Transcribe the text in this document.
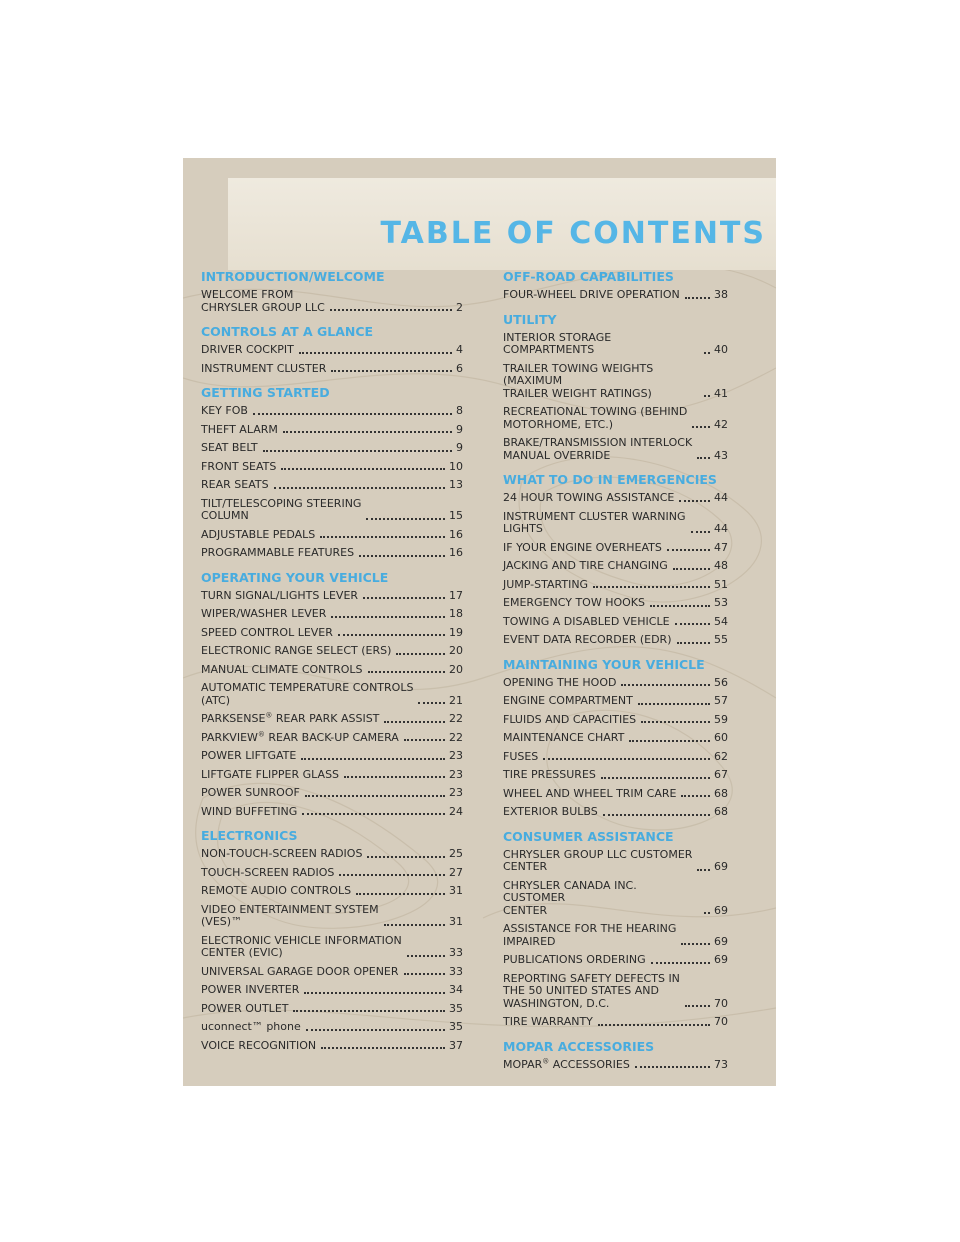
TABLE OF CONTENTS
INTRODUCTION/WELCOME
WELCOME FROM
CHRYSLER GROUP LLC	2
CONTROLS AT A GLANCE
DRIVER COCKPIT	4
INSTRUMENT CLUSTER	6
GETTING STARTED
KEY FOB	8
THEFT ALARM	9
SEAT BELT	9
FRONT SEATS	10
REAR SEATS	13
TILT/TELESCOPING STEERING
COLUMN	15
ADJUSTABLE PEDALS	16
PROGRAMMABLE FEATURES	16
OPERATING YOUR VEHICLE
TURN SIGNAL/LIGHTS LEVER	17
WIPER/WASHER LEVER	18
SPEED CONTROL LEVER	19
ELECTRONIC RANGE SELECT (ERS)	20
MANUAL CLIMATE CONTROLS	20
AUTOMATIC TEMPERATURE CONTROLS
(ATC)	21
PARKSENSE® REAR PARK ASSIST	22
PARKVIEW® REAR BACK-UP CAMERA	22
POWER LIFTGATE	23
LIFTGATE FLIPPER GLASS	23
POWER SUNROOF	23
WIND BUFFETING	24
ELECTRONICS
NON-TOUCH-SCREEN RADIOS	25
TOUCH-SCREEN RADIOS	27
REMOTE AUDIO CONTROLS	31
VIDEO ENTERTAINMENT SYSTEM
(VES)™	31
ELECTRONIC VEHICLE INFORMATION
CENTER (EVIC)	33
UNIVERSAL GARAGE DOOR OPENER	33
POWER INVERTER	34
POWER OUTLET	35
uconnect™ phone	35
VOICE RECOGNITION	37
OFF-ROAD CAPABILITIES
FOUR-WHEEL DRIVE OPERATION	38
UTILITY
INTERIOR STORAGE COMPARTMENTS	40
TRAILER TOWING WEIGHTS (MAXIMUM
TRAILER WEIGHT RATINGS)	41
RECREATIONAL TOWING (BEHIND
MOTORHOME, ETC.)	42
BRAKE/TRANSMISSION INTERLOCK
MANUAL OVERRIDE	43
WHAT TO DO IN EMERGENCIES
24 HOUR TOWING ASSISTANCE	44
INSTRUMENT CLUSTER WARNING
LIGHTS	44
IF YOUR ENGINE OVERHEATS	47
JACKING AND TIRE CHANGING	48
JUMP-STARTING	51
EMERGENCY TOW HOOKS	53
TOWING A DISABLED VEHICLE	54
EVENT DATA RECORDER (EDR)	55
MAINTAINING YOUR VEHICLE
OPENING THE HOOD	56
ENGINE COMPARTMENT	57
FLUIDS AND CAPACITIES	59
MAINTENANCE CHART	60
FUSES	62
TIRE PRESSURES	67
WHEEL AND WHEEL TRIM CARE	68
EXTERIOR BULBS	68
CONSUMER ASSISTANCE
CHRYSLER GROUP LLC CUSTOMER
CENTER	69
CHRYSLER CANADA INC. CUSTOMER
CENTER	69
ASSISTANCE FOR THE HEARING
IMPAIRED	69
PUBLICATIONS ORDERING	69
REPORTING SAFETY DEFECTS IN
THE 50 UNITED STATES AND
WASHINGTON, D.C.	70
TIRE WARRANTY	70
MOPAR ACCESSORIES
MOPAR® ACCESSORIES	73
